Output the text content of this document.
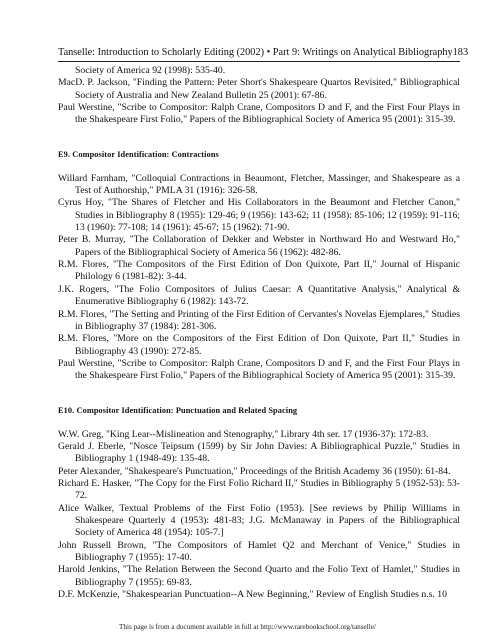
Tanselle: Introduction to Scholarly Editing (2002) • Part 9: Writings on Analytical Bibliography 183

Society of America 92 (1998): 535-40.

MacD. P. Jackson, "Finding the Pattern: Peter Short's Shakespeare Quartos Revisited," Bibliographical Society of Australia and New Zealand Bulletin 25 (2001): 67-86.

Paul Werstine, "Scribe to Compositor: Ralph Crane, Compositors D and F, and the First Four Plays in the Shakespeare First Folio," Papers of the Bibliographical Society of America 95 (2001): 315-39.

E9. Compositor Identification: Contractions

Willard Farnham, "Colloquial Contractions in Beaumont, Fletcher, Massinger, and Shakespeare as a Test of Authorship," PMLA 31 (1916): 326-58.

Cyrus Hoy, "The Shares of Fletcher and His Collaborators in the Beaumont and Fletcher Canon," Studies in Bibliography 8 (1955): 129-46; 9 (1956): 143-62; 11 (1958): 85-106; 12 (1959): 91-116; 13 (1960): 77-108; 14 (1961): 45-67; 15 (1962): 71-90.

Peter B. Murray, "The Collaboration of Dekker and Webster in Northward Ho and Westward Ho," Papers of the Bibliographical Society of America 56 (1962): 482-86.

R.M. Flores, "The Compositors of the First Edition of Don Quixote, Part II," Journal of Hispanic Philology 6 (1981-82): 3-44.

J.K. Rogers, "The Folio Compositors of Julius Caesar: A Quantitative Analysis," Analytical & Enumerative Bibliography 6 (1982): 143-72.

R.M. Flores, "The Setting and Printing of the First Edition of Cervantes's Novelas Ejemplares," Studies in Bibliography 37 (1984): 281-306.

R.M. Flores, "More on the Compositors of the First Edition of Don Quixote, Part II," Studies in Bibliography 43 (1990): 272-85.

Paul Werstine, "Scribe to Compositor: Ralph Crane, Compositors D and F, and the First Four Plays in the Shakespeare First Folio," Papers of the Bibliographical Society of America 95 (2001): 315-39.

E10. Compositor Identification: Punctuation and Related Spacing

W.W. Greg, "King Lear--Mislineation and Stenography," Library 4th ser. 17 (1936-37): 172-83.

Gerald J. Eberle, "Nosce Teipsum (1599) by Sir John Davies: A Bibliographical Puzzle," Studies in Bibliography 1 (1948-49): 135-48.

Peter Alexander, "Shakespeare's Punctuation," Proceedings of the British Academy 36 (1950): 61-84.

Richard E. Hasker, "The Copy for the First Folio Richard II," Studies in Bibliography 5 (1952-53): 53-72.

Alice Walker, Textual Problems of the First Folio (1953). [See reviews by Philip Williams in Shakespeare Quarterly 4 (1953): 481-83; J.G. McManaway in Papers of the Bibliographical Society of America 48 (1954): 105-7.]

John Russell Brown, "The Compositors of Hamlet Q2 and Merchant of Venice," Studies in Bibliography 7 (1955): 17-40.

Harold Jenkins, "The Relation Between the Second Quarto and the Folio Text of Hamlet," Studies in Bibliography 7 (1955): 69-83.

D.F. McKenzie, "Shakespearian Punctuation--A New Beginning," Review of English Studies n.s. 10

This page is from a document available in full at http://www.rarebookschool.org/tanselle/
